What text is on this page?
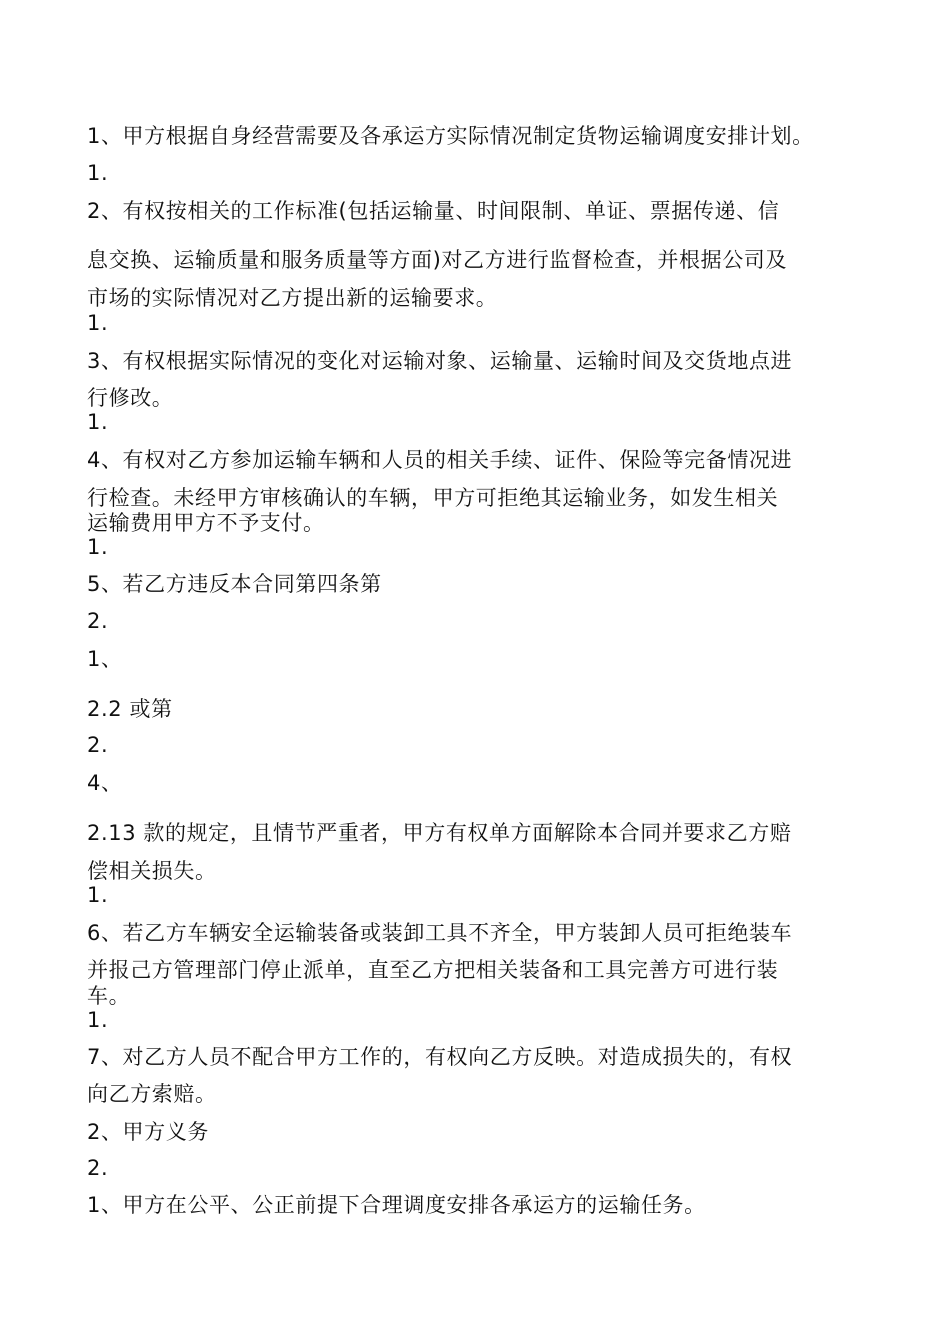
1、甲方根据自身经营需要及各承运方实际情况制定货物运输调度安排计划。
1.
2、有权按相关的工作标准(包括运输量、时间限制、单证、票据传递、信
息交换、运输质量和服务质量等方面)对乙方进行监督检查，并根据公司及
市场的实际情况对乙方提出新的运输要求。
1.
3、有权根据实际情况的变化对运输对象、运输量、运输时间及交货地点进
行修改。
1.
4、有权对乙方参加运输车辆和人员的相关手续、证件、保险等完备情况进
行检查。未经甲方审核确认的车辆，甲方可拒绝其运输业务，如发生相关
运输费用甲方不予支付。
1.
5、若乙方违反本合同第四条第
2.
1、
2.2 或第
2.
4、
2.13 款的规定，且情节严重者，甲方有权单方面解除本合同并要求乙方赔
偿相关损失。
1.
6、若乙方车辆安全运输装备或装卸工具不齐全，甲方装卸人员可拒绝装车
并报己方管理部门停止派单，直至乙方把相关装备和工具完善方可进行装
车。
1.
7、对乙方人员不配合甲方工作的，有权向乙方反映。对造成损失的，有权
向乙方索赔。
2、甲方义务
2.
1、甲方在公平、公正前提下合理调度安排各承运方的运输任务。
